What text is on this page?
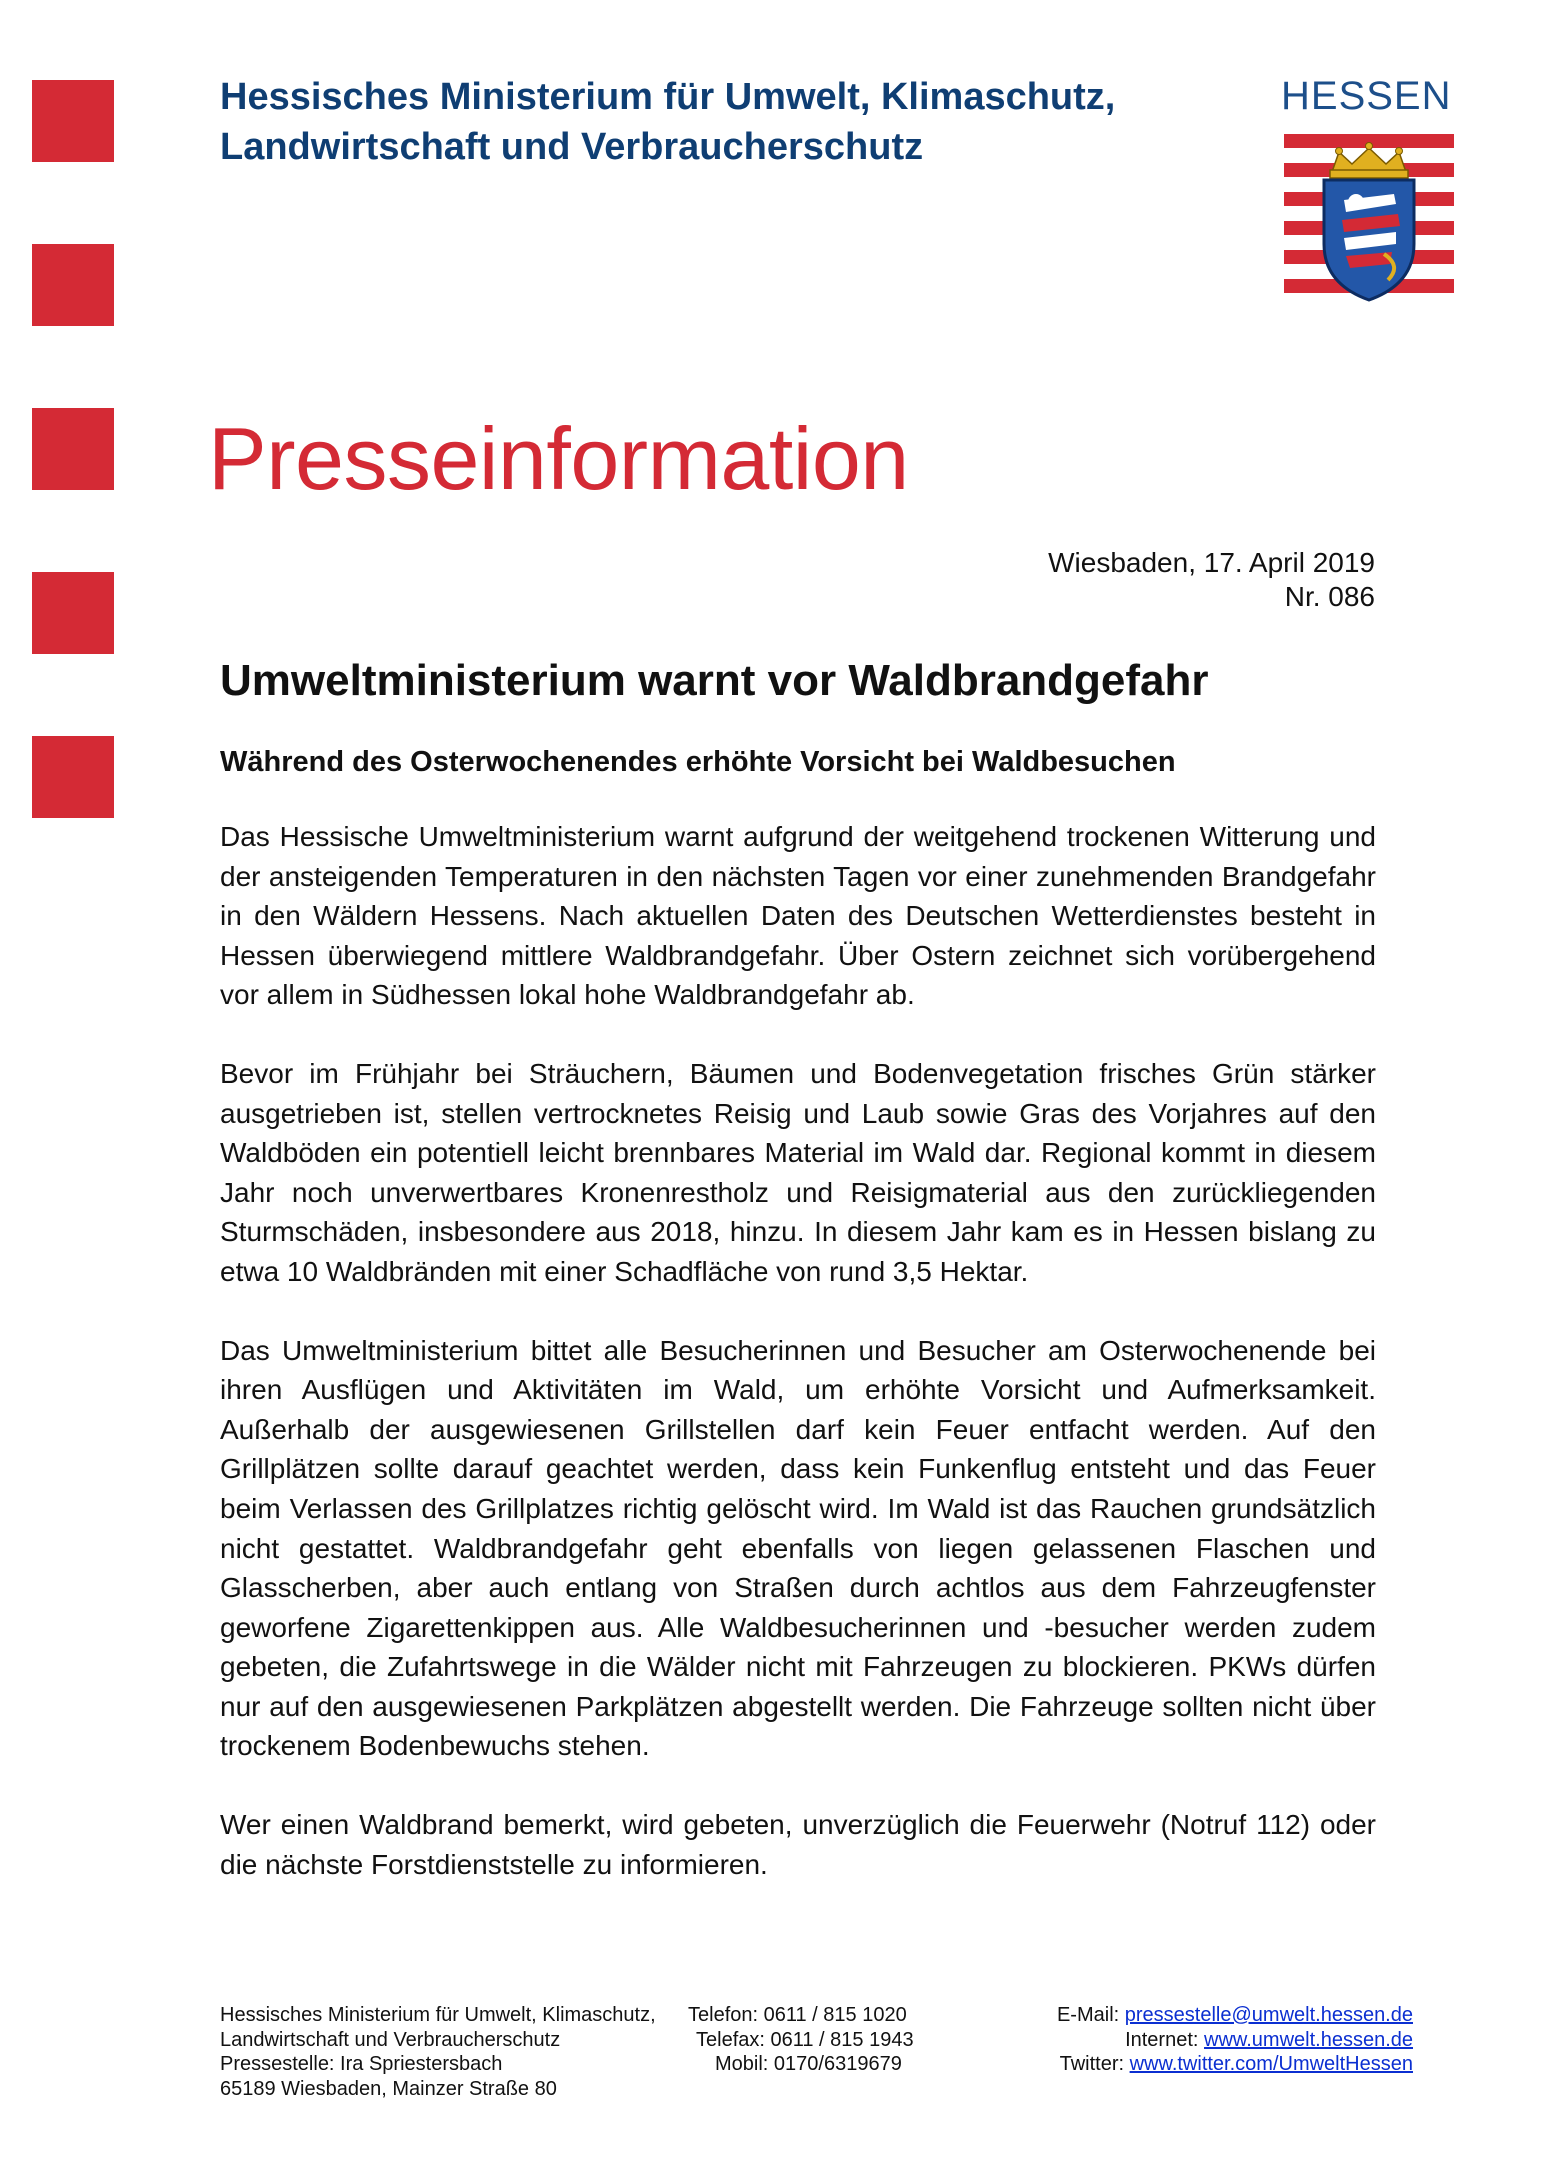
Hessisches Ministerium für Umwelt, Klimaschutz,
Landwirtschaft und Verbraucherschutz
HESSEN
Presseinformation
Wiesbaden, 17. April 2019
Nr. 086
Umweltministerium warnt vor Waldbrandgefahr
Während des Osterwochenendes erhöhte Vorsicht bei Waldbesuchen

Das Hessische Umweltministerium warnt aufgrund der weitgehend trockenen Witterung und der ansteigenden Temperaturen in den nächsten Tagen vor einer zunehmenden Brandgefahr in den Wäldern Hessens. Nach aktuellen Daten des Deutschen Wetterdienstes besteht in Hessen überwiegend mittlere Waldbrandgefahr. Über Ostern zeichnet sich vorübergehend vor allem in Südhessen lokal hohe Waldbrandgefahr ab.

Bevor im Frühjahr bei Sträuchern, Bäumen und Bodenvegetation frisches Grün stärker ausgetrieben ist, stellen vertrocknetes Reisig und Laub sowie Gras des Vorjahres auf den Waldböden ein potentiell leicht brennbares Material im Wald dar. Regional kommt in diesem Jahr noch unverwertbares Kronenrestholz und Reisigmaterial aus den zurückliegenden Sturmschäden, insbesondere aus 2018, hinzu. In diesem Jahr kam es in Hessen bislang zu etwa 10 Waldbränden mit einer Schadfläche von rund 3,5 Hektar.

Das Umweltministerium bittet alle Besucherinnen und Besucher am Osterwochenende bei ihren Ausflügen und Aktivitäten im Wald, um erhöhte Vorsicht und Aufmerksamkeit. Außerhalb der ausgewiesenen Grillstellen darf kein Feuer entfacht werden. Auf den Grillplätzen sollte darauf geachtet werden, dass kein Funkenflug entsteht und das Feuer beim Verlassen des Grillplatzes richtig gelöscht wird. Im Wald ist das Rauchen grundsätzlich nicht gestattet. Waldbrandgefahr geht ebenfalls von liegen gelassenen Flaschen und Glasscherben, aber auch entlang von Straßen durch achtlos aus dem Fahrzeugfenster geworfene Zigarettenkippen aus. Alle Waldbesucherinnen und -besucher werden zudem gebeten, die Zufahrtswege in die Wälder nicht mit Fahrzeugen zu blockieren. PKWs dürfen nur auf den ausgewiesenen Parkplätzen abgestellt werden. Die Fahrzeuge sollten nicht über trockenem Bodenbewuchs stehen.

Wer einen Waldbrand bemerkt, wird gebeten, unverzüglich die Feuerwehr (Notruf 112) oder die nächste Forstdienststelle zu informieren.

Hessisches Ministerium für Umwelt, Klimaschutz,
Landwirtschaft und Verbraucherschutz
Pressestelle: Ira Spriestersbach
65189 Wiesbaden, Mainzer Straße 80
Telefon: 0611 / 815 1020
Telefax: 0611 / 815 1943
Mobil: 0170/6319679
E-Mail: pressestelle@umwelt.hessen.de
Internet: www.umwelt.hessen.de
Twitter: www.twitter.com/UmweltHessen
